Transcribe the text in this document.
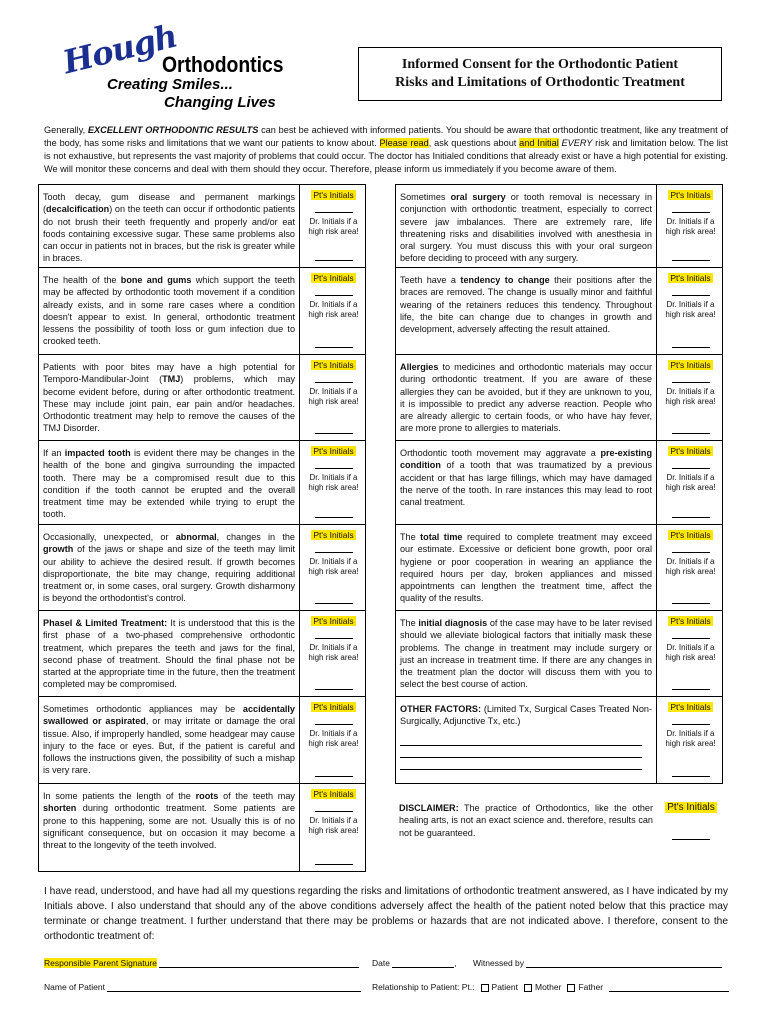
Hough
Orthodontics
Creating Smiles...
Changing Lives
Informed Consent for the Orthodontic Patient
Risks and Limitations of Orthodontic Treatment
Generally, EXCELLENT ORTHODONTIC RESULTS can best be achieved with informed patients. You should be aware that orthodontic treatment, like any treatment of the body, has some risks and limitations that we want our patients to know about. Please read, ask questions about and Initial EVERY risk and limitation below. The list is not exhaustive, but represents the vast majority of problems that could occur. The doctor has Initialed conditions that already exist or have a high potential for existing. We will monitor these concerns and deal with them should they occur. Therefore, please inform us immediately if you become aware of them.
Tooth decay, gum disease and permanent markings (decalcification) on the teeth can occur if orthodontic patients do not brush their teeth frequently and properly and/or eat foods containing excessive sugar. These same problems also can occur in patients not in braces, but the risk is greater while in braces.
Pt's Initials
Dr. Initials if a high risk area!
The health of the bone and gums which support the teeth may be affected by orthodontic tooth movement if a condition already exists, and in some rare cases where a condition doesn't appear to exist. In general, orthodontic treatment lessens the possibility of tooth loss or gum infection due to crooked teeth.
Pt's Initials
Dr. Initials if a high risk area!
Patients with poor bites may have a high potential for Temporo-Mandibular-Joint (TMJ) problems, which may become evident before, during or after orthodontic treatment. These may include joint pain, ear pain and/or headaches. Orthodontic treatment may help to remove the causes of the TMJ Disorder.
Pt's Initials
Dr. Initials if a high risk area!
If an impacted tooth is evident there may be changes in the health of the bone and gingiva surrounding the impacted tooth. There may be a compromised result due to this condition if the tooth cannot be erupted and the overall treatment time may be extended while trying to erupt the tooth.
Pt's Initials
Dr. Initials if a high risk area!
Occasionally, unexpected, or abnormal, changes in the growth of the jaws or shape and size of the teeth may limit our ability to achieve the desired result. If growth becomes disproportionate, the bite may change, requiring additional treatment or, in some cases, oral surgery. Growth disharmony is beyond the orthodontist's control.
Pt's Initials
Dr. Initials if a high risk area!
PhaseI & Limited Treatment: It is understood that this is the first phase of a two-phased comprehensive orthodontic treatment, which prepares the teeth and jaws for the final, second phase of treatment. Should the final phase not be started at the appropriate time in the future, then the treatment completed may be compromised.
Pt's Initials
Dr. Initials if a high risk area!
Sometimes orthodontic appliances may be accidentally swallowed or aspirated, or may irritate or damage the oral tissue. Also, if improperly handled, some headgear may cause injury to the face or eyes. But, if the patient is careful and follows the instructions given, the possibility of such a mishap is very rare.
Pt's Initials
Dr. Initials if a high risk area!
In some patients the length of the roots of the teeth may shorten during orthodontic treatment. Some patients are prone to this happening, some are not. Usually this is of no significant consequence, but on occasion it may become a threat to the longevity of the teeth involved.
Pt's Initials
Dr. Initials if a high risk area!
Sometimes oral surgery or tooth removal is necessary in conjunction with orthodontic treatment, especially to correct severe jaw imbalances. There are extremely rare, life threatening risks and disabilities involved with anesthesia in oral surgery. You must discuss this with your oral surgeon before deciding to proceed with any surgery.
Pt's Initials
Dr. Initials if a high risk area!
Teeth have a tendency to change their positions after the braces are removed. The change is usually minor and faithful wearing of the retainers reduces this tendency. Throughout life, the bite can change due to changes in growth and development, adversely affecting the result attained.
Pt's Initials
Dr. Initials if a high risk area!
Allergies to medicines and orthodontic materials may occur during orthodontic treatment. If you are aware of these allergies they can be avoided, but if they are unknown to you, it is impossible to predict any adverse reaction. People who are already allergic to certain foods, or who have hay fever, are more prone to allergies to materials.
Pt's Initials
Dr. Initials if a high risk area!
Orthodontic tooth movement may aggravate a pre-existing condition of a tooth that was traumatized by a previous accident or that has large fillings, which may have damaged the nerve of the tooth. In rare instances this may lead to root canal treatment.
Pt's Initials
Dr. Initials if a high risk area!
The total time required to complete treatment may exceed our estimate. Excessive or deficient bone growth, poor oral hygiene or poor cooperation in wearing an appliance the required hours per day, broken appliances and missed appointments can lengthen the treatment time, affect the quality of the results.
Pt's Initials
Dr. Initials if a high risk area!
The initial diagnosis of the case may have to be later revised should we alleviate biological factors that initially mask these problems. The change in treatment may include surgery or just an increase in treatment time. If there are any changes in the treatment plan the doctor will discuss them with you to select the best course of action.
Pt's Initials
Dr. Initials if a high risk area!
OTHER FACTORS: (Limited Tx, Surgical Cases Treated Non-Surgically, Adjunctive Tx, etc.)
Pt's Initials
Dr. Initials if a high risk area!
DISCLAIMER: The practice of Orthodontics, like the other healing arts, is not an exact science and. therefore, results can not be guaranteed.
Pt's Initials
I have read, understood, and have had all my questions regarding the risks and limitations of orthodontic treatment answered, as I have indicated by my Initials above. I also understand that should any of the above conditions adversely affect the health of the patient noted below that this practice may terminate or change treatment. I further understand that there may be problems or hazards that are not indicated above. I therefore, consent to the orthodontic treatment of:
Responsible Parent Signature	Date	, Witnessed by
Name of Patient	Relationship to Patient: Pt.: Patient Mother Father
